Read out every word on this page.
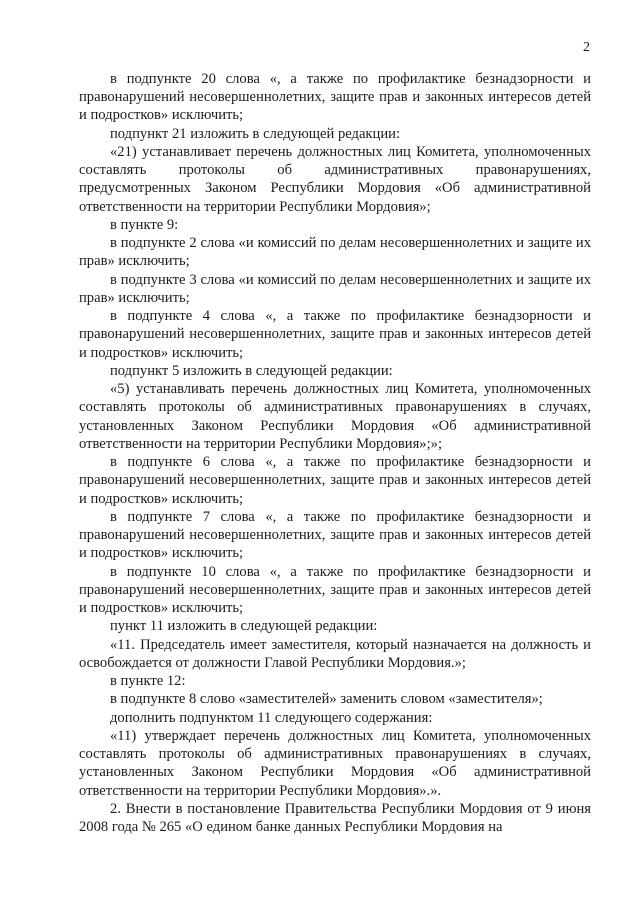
2

в подпункте 20 слова «, а также по профилактике безнадзорности и правонарушений несовершеннолетних, защите прав и законных интересов детей и подростков» исключить;

подпункт 21 изложить в следующей редакции:

«21) устанавливает перечень должностных лиц Комитета, уполномоченных составлять протоколы об административных правонарушениях, предусмотренных Законом Республики Мордовия «Об административной ответственности на территории Республики Мордовия»;

в пункте 9:

в подпункте 2 слова «и комиссий по делам несовершеннолетних и защите их прав» исключить;

в подпункте 3 слова «и комиссий по делам несовершеннолетних и защите их прав» исключить;

в подпункте 4 слова «, а также по профилактике безнадзорности и правонарушений несовершеннолетних, защите прав и законных интересов детей и подростков» исключить;

подпункт 5 изложить в следующей редакции:

«5) устанавливать перечень должностных лиц Комитета, уполномоченных составлять протоколы об административных правонарушениях в случаях, установленных Законом Республики Мордовия «Об административной ответственности на территории Республики Мордовия»;»;

в подпункте 6 слова «, а также по профилактике безнадзорности и правонарушений несовершеннолетних, защите прав и законных интересов детей и подростков» исключить;

в подпункте 7 слова «, а также по профилактике безнадзорности и правонарушений несовершеннолетних, защите прав и законных интересов детей и подростков» исключить;

в подпункте 10 слова «, а также по профилактике безнадзорности и правонарушений несовершеннолетних, защите прав и законных интересов детей и подростков» исключить;

пункт 11 изложить в следующей редакции:

«11. Председатель имеет заместителя, который назначается на должность и освобождается от должности Главой Республики Мордовия.»;

в пункте 12:

в подпункте 8 слово «заместителей» заменить словом «заместителя»;

дополнить подпунктом 11 следующего содержания:

«11) утверждает перечень должностных лиц Комитета, уполномоченных составлять протоколы об административных правонарушениях в случаях, установленных Законом Республики Мордовия «Об административной ответственности на территории Республики Мордовия».».

2. Внести в постановление Правительства Республики Мордовия от 9 июня 2008 года № 265 «О едином банке данных Республики Мордовия на
